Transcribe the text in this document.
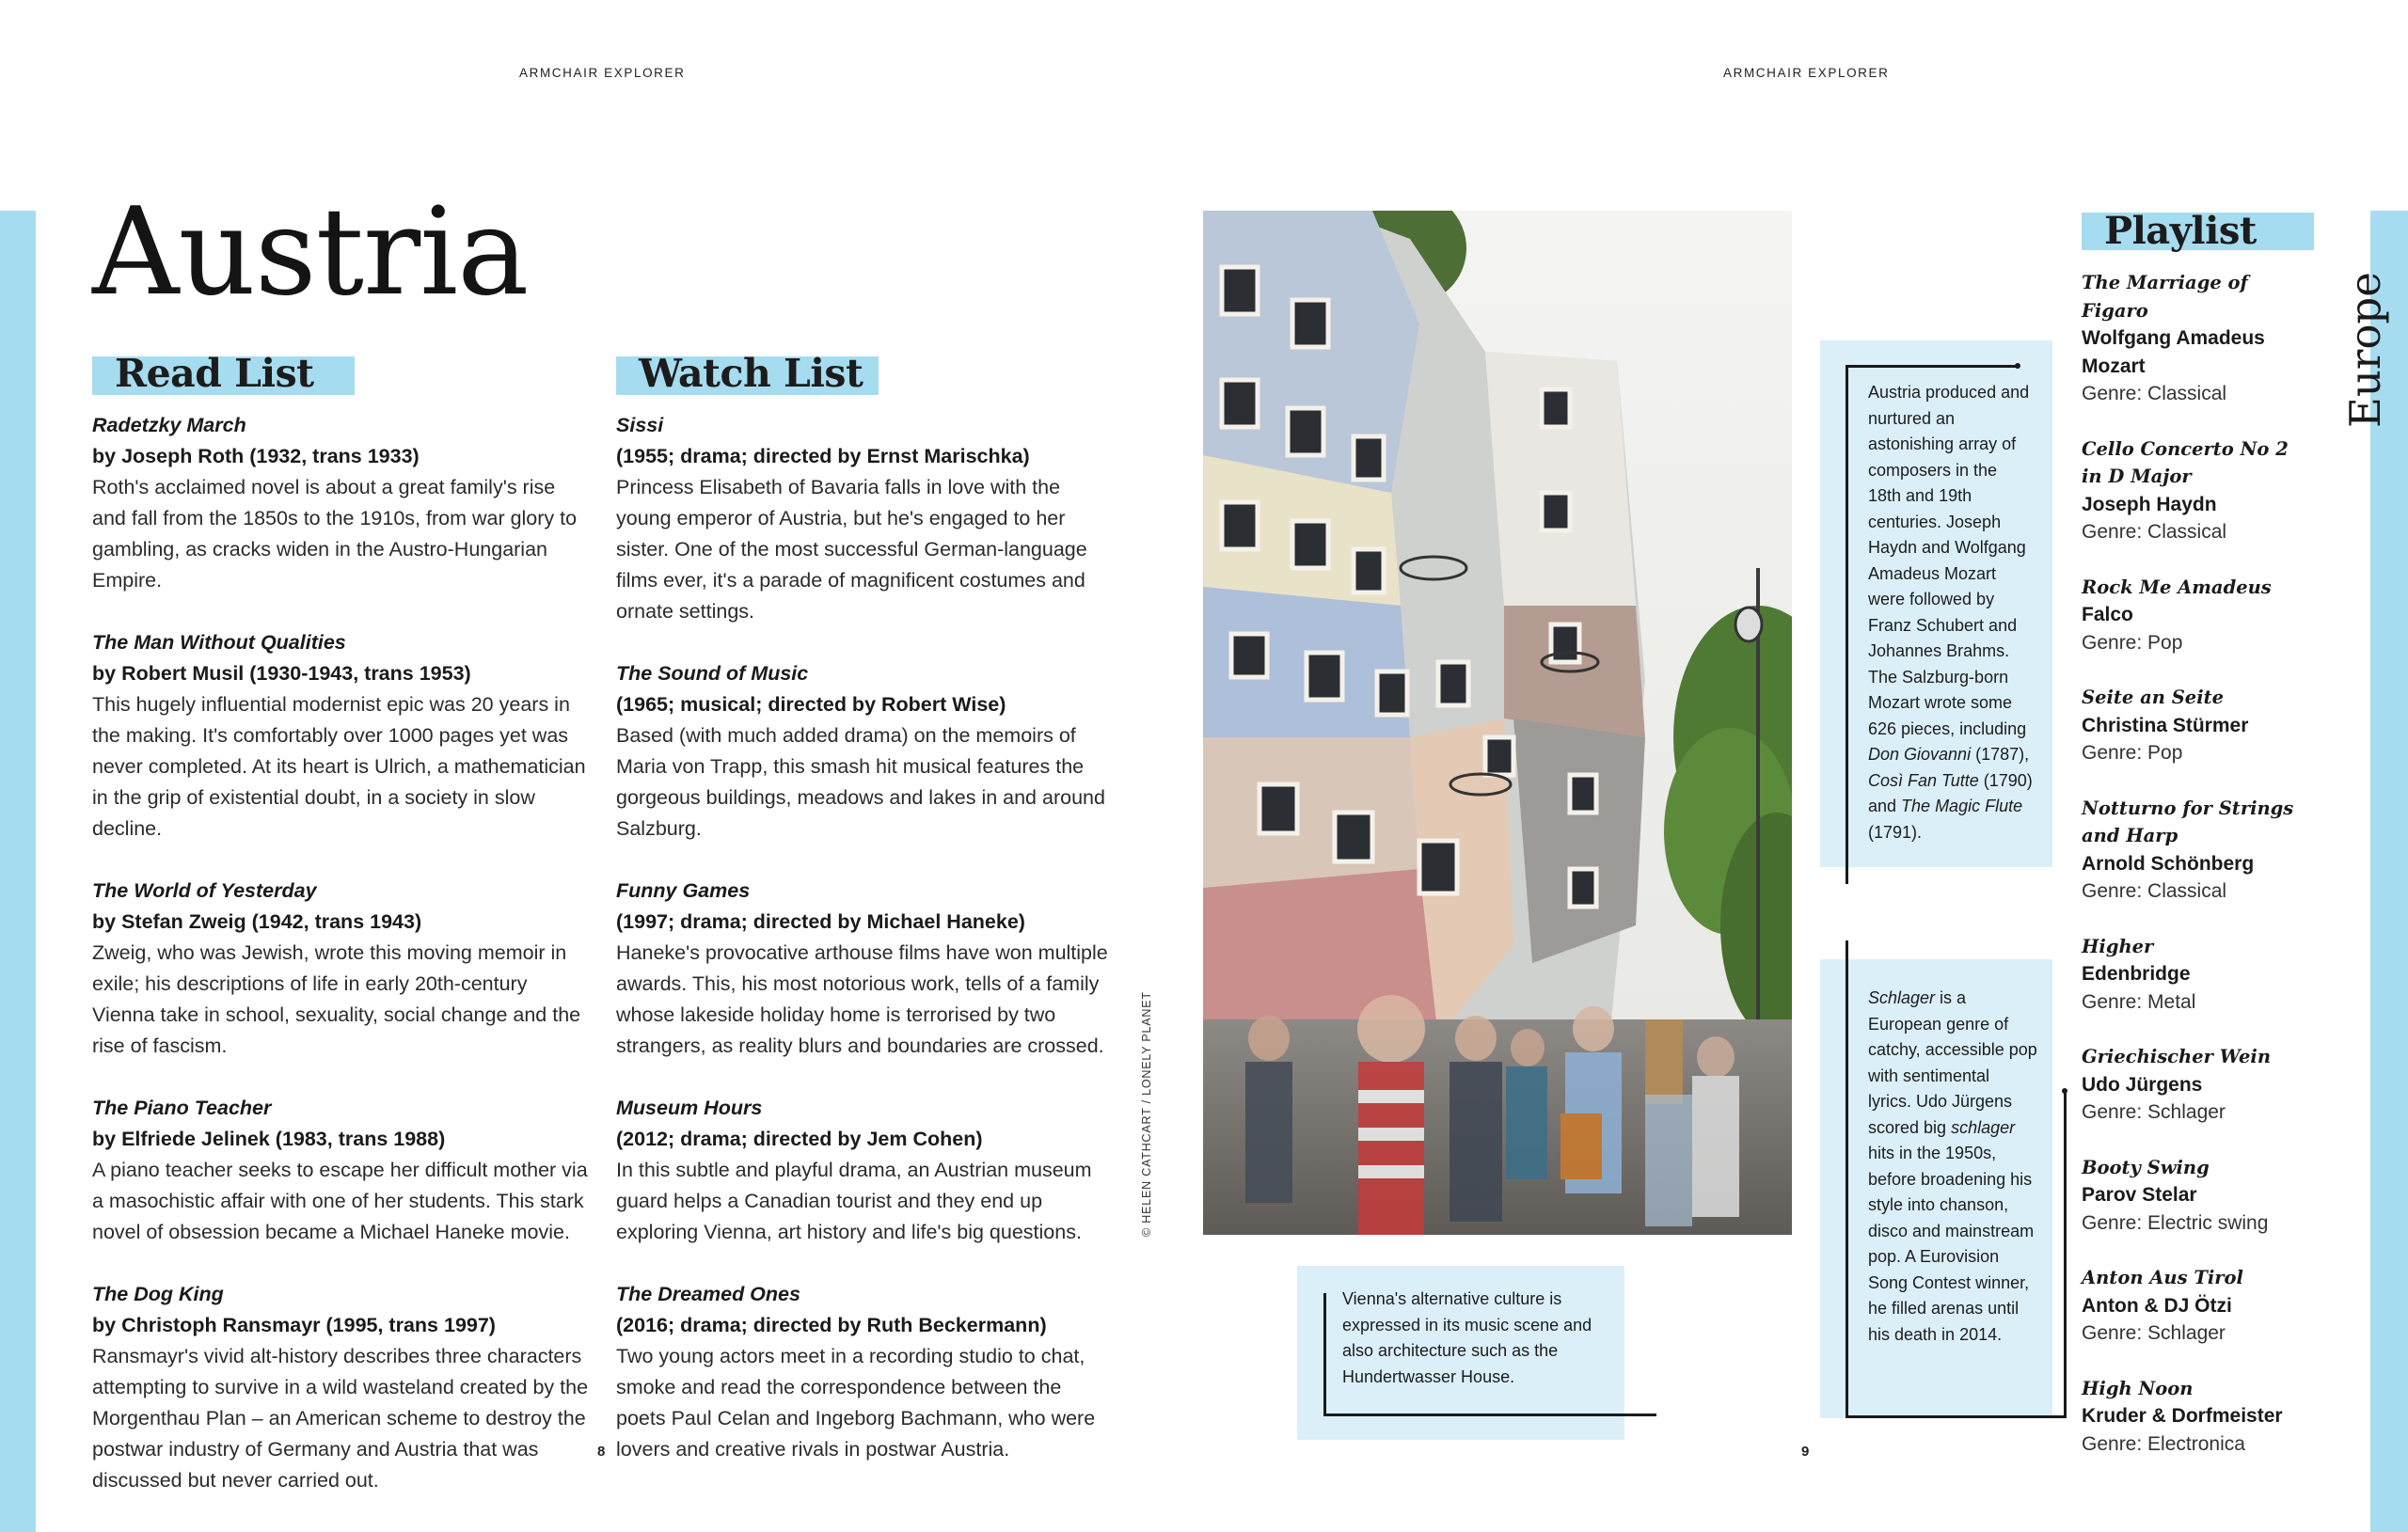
ARMCHAIR EXPLORER	ARMCHAIR EXPLORER
Austria
Read List	Watch List
Radetzky March
by Joseph Roth (1932, trans 1933)
Roth's acclaimed novel is about a great family's rise and fall from the 1850s to the 1910s, from war glory to gambling, as cracks widen in the Austro-Hungarian Empire.
The Man Without Qualities
by Robert Musil (1930-1943, trans 1953)
This hugely influential modernist epic was 20 years in the making. It's comfortably over 1000 pages yet was never completed. At its heart is Ulrich, a mathematician in the grip of existential doubt, in a society in slow decline.
The World of Yesterday
by Stefan Zweig (1942, trans 1943)
Zweig, who was Jewish, wrote this moving memoir in exile; his descriptions of life in early 20th-century Vienna take in school, sexuality, social change and the rise of fascism.
The Piano Teacher
by Elfriede Jelinek (1983, trans 1988)
A piano teacher seeks to escape her difficult mother via a masochistic affair with one of her students. This stark novel of obsession became a Michael Haneke movie.
The Dog King
by Christoph Ransmayr (1995, trans 1997)
Ransmayr's vivid alt-history describes three characters attempting to survive in a wild wasteland created by the Morgenthau Plan – an American scheme to destroy the postwar industry of Germany and Austria that was discussed but never carried out.
Sissi
(1955; drama; directed by Ernst Marischka)
Princess Elisabeth of Bavaria falls in love with the young emperor of Austria, but he's engaged to her sister. One of the most successful German-language films ever, it's a parade of magnificent costumes and ornate settings.
The Sound of Music
(1965; musical; directed by Robert Wise)
Based (with much added drama) on the memoirs of Maria von Trapp, this smash hit musical features the gorgeous buildings, meadows and lakes in and around Salzburg.
Funny Games
(1997; drama; directed by Michael Haneke)
Haneke's provocative arthouse films have won multiple awards. This, his most notorious work, tells of a family whose lakeside holiday home is terrorised by two strangers, as reality blurs and boundaries are crossed.
Museum Hours
(2012; drama; directed by Jem Cohen)
In this subtle and playful drama, an Austrian museum guard helps a Canadian tourist and they end up exploring Vienna, art history and life's big questions.
The Dreamed Ones
(2016; drama; directed by Ruth Beckermann)
Two young actors meet in a recording studio to chat, smoke and read the correspondence between the poets Paul Celan and Ingeborg Bachmann, who were lovers and creative rivals in postwar Austria.
8	9
© HELEN CATHCART / LONELY PLANET
Vienna's alternative culture is expressed in its music scene and also architecture such as the Hundertwasser House.
Austria produced and nurtured an astonishing array of composers in the 18th and 19th centuries. Joseph Haydn and Wolfgang Amadeus Mozart were followed by Franz Schubert and Johannes Brahms. The Salzburg-born Mozart wrote some 626 pieces, including Don Giovanni (1787), Così Fan Tutte (1790) and The Magic Flute (1791).
Schlager is a European genre of catchy, accessible pop with sentimental lyrics. Udo Jürgens scored big schlager hits in the 1950s, before broadening his style into chanson, disco and mainstream pop. A Eurovision Song Contest winner, he filled arenas until his death in 2014.
Playlist
The Marriage of Figaro
Wolfgang Amadeus Mozart
Genre: Classical
Cello Concerto No 2 in D Major
Joseph Haydn
Genre: Classical
Rock Me Amadeus
Falco
Genre: Pop
Seite an Seite
Christina Stürmer
Genre: Pop
Notturno for Strings and Harp
Arnold Schönberg
Genre: Classical
Higher
Edenbridge
Genre: Metal
Griechischer Wein
Udo Jürgens
Genre: Schlager
Booty Swing
Parov Stelar
Genre: Electric swing
Anton Aus Tirol
Anton & DJ Ötzi
Genre: Schlager
High Noon
Kruder & Dorfmeister
Genre: Electronica
Europe
